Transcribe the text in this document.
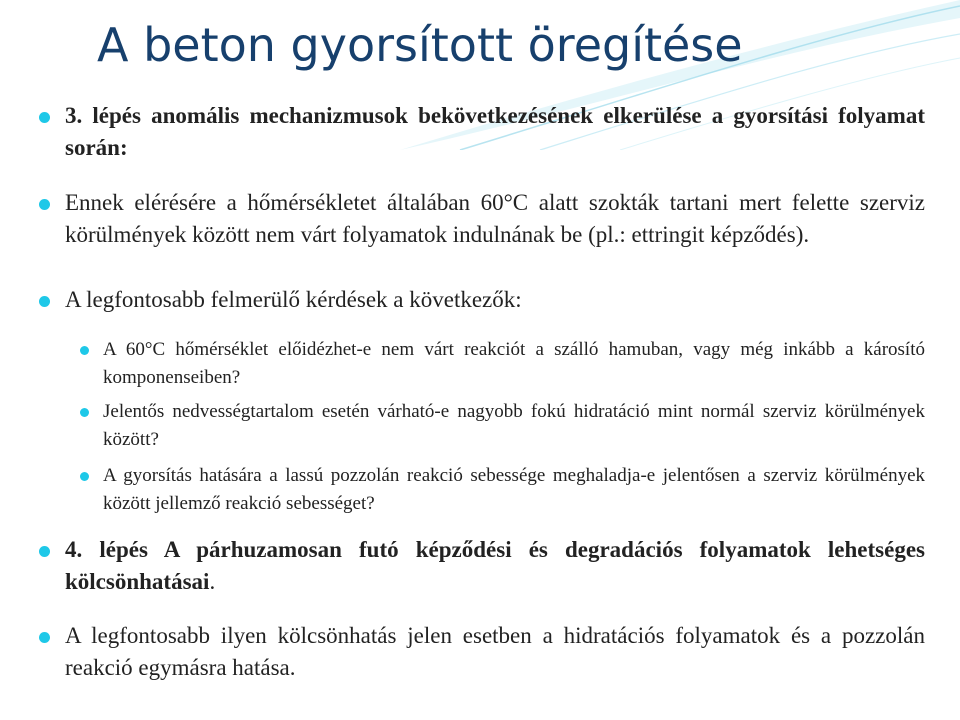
A beton gyorsított öregítése

3. lépés anomális mechanizmusok bekövetkezésének elkerülése a gyorsítási folyamat során:

Ennek elérésére a hőmérsékletet általában 60°C alatt szokták tartani mert felette szerviz körülmények között nem várt folyamatok indulnának be (pl.: ettringit képződés).

A legfontosabb felmerülő kérdések a következők:

A 60°C hőmérséklet előidézhet-e nem várt reakciót a szálló hamuban, vagy még inkább a károsító komponenseiben?

Jelentős nedvességtartalom esetén várható-e nagyobb fokú hidratáció mint normál szerviz körülmények között?

A gyorsítás hatására a lassú pozzolán reakció sebessége meghaladja-e jelentősen a szerviz körülmények között jellemző reakció sebességet?

4. lépés A párhuzamosan futó képződési és degradációs folyamatok lehetséges kölcsönhatásai.

A legfontosabb ilyen kölcsönhatás jelen esetben a hidratációs folyamatok és a pozzolán reakció egymásra hatása.
